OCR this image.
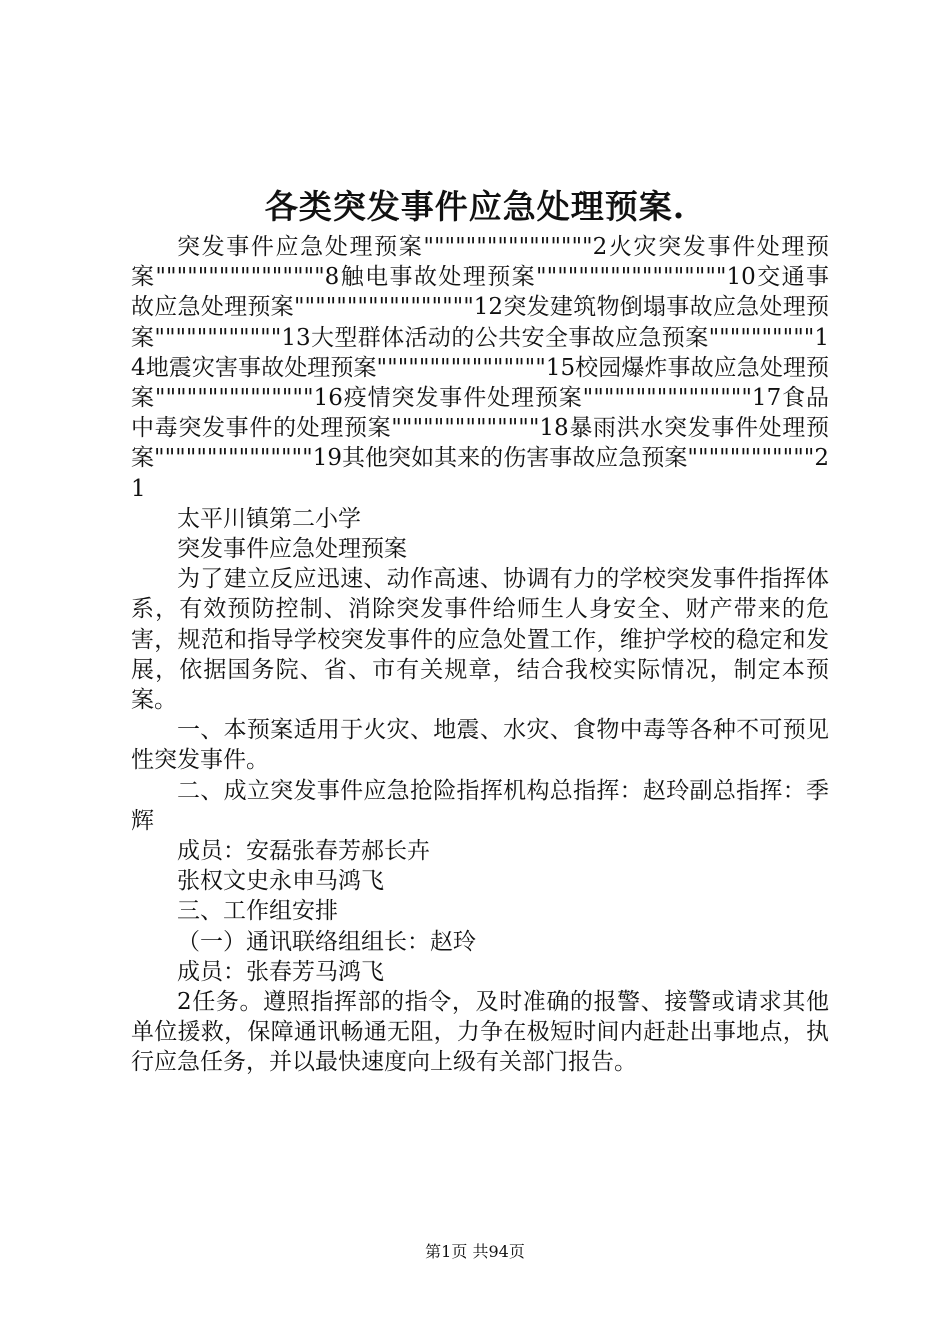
各类突发事件应急处理预案.

突发事件应急处理预案""""""""""""""""2火灾突发事件处理预案""""""""""""""""8触电事故处理预案""""""""""""""""""10交通事故应急处理预案"""""""""""""""""12突发建筑物倒塌事故应急处理预案""""""""""""13大型群体活动的公共安全事故应急预案""""""""""14地震灾害事故处理预案""""""""""""""""15校园爆炸事故应急处理预案"""""""""""""""16疫情突发事件处理预案""""""""""""""""17食品中毒突发事件的处理预案""""""""""""""18暴雨洪水突发事件处理预案"""""""""""""""19其他突如其来的伤害事故应急预案""""""""""""21

太平川镇第二小学

突发事件应急处理预案

为了建立反应迅速、动作高速、协调有力的学校突发事件指挥体系，有效预防控制、消除突发事件给师生人身安全、财产带来的危害，规范和指导学校突发事件的应急处置工作，维护学校的稳定和发展，依据国务院、省、市有关规章，结合我校实际情况，制定本预案。

一、本预案适用于火灾、地震、水灾、食物中毒等各种不可预见性突发事件。

二、成立突发事件应急抢险指挥机构总指挥：赵玲副总指挥：季辉

成员：安磊张春芳郝长卉

张权文史永申马鸿飞

三、工作组安排

（一）通讯联络组组长：赵玲

成员：张春芳马鸿飞

2任务。遵照指挥部的指令，及时准确的报警、接警或请求其他单位援救，保障通讯畅通无阻，力争在极短时间内赶赴出事地点，执行应急任务，并以最快速度向上级有关部门报告。

第1页 共94页
